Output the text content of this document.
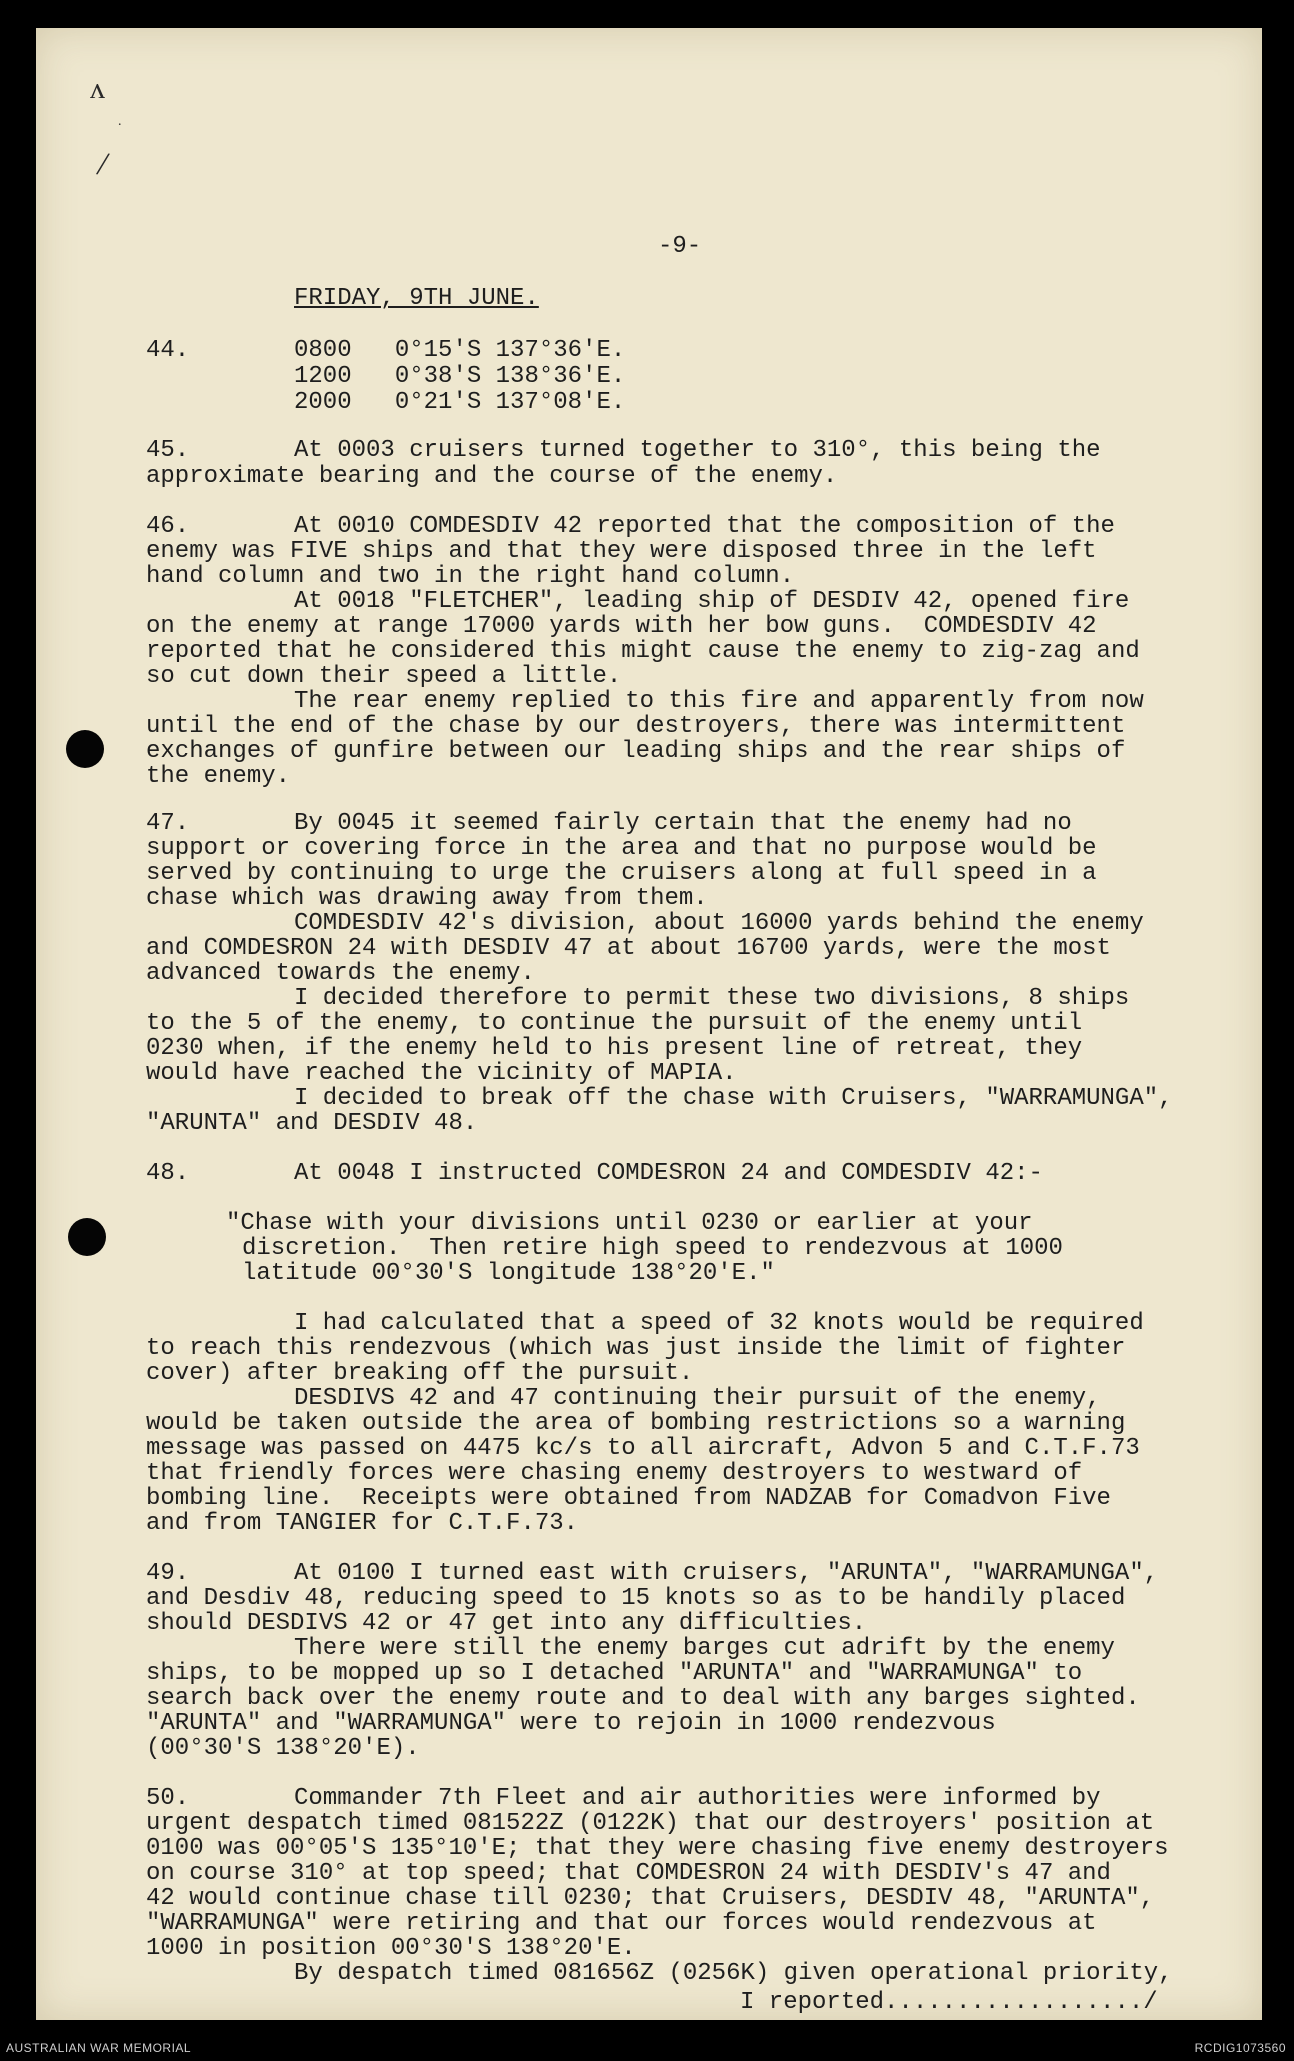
ʌ
/
.
-9-
FRIDAY, 9TH JUNE.
44.	0800 0°15'S 137°36'E.
1200 0°38'S 138°36'E.
2000 0°21'S 137°08'E.
45.	At 0003 cruisers turned together to 310°, this being the
approximate bearing and the course of the enemy.
46.	At 0010 COMDESDIV 42 reported that the composition of the
enemy was FIVE ships and that they were disposed three in the left
hand column and two in the right hand column.
At 0018 "FLETCHER", leading ship of DESDIV 42, opened fire
on the enemy at range 17000 yards with her bow guns.  COMDESDIV 42
reported that he considered this might cause the enemy to zig-zag and
so cut down their speed a little.
The rear enemy replied to this fire and apparently from now
until the end of the chase by our destroyers, there was intermittent
exchanges of gunfire between our leading ships and the rear ships of
the enemy.
47.	By 0045 it seemed fairly certain that the enemy had no
support or covering force in the area and that no purpose would be
served by continuing to urge the cruisers along at full speed in a
chase which was drawing away from them.
COMDESDIV 42's division, about 16000 yards behind the enemy
and COMDESRON 24 with DESDIV 47 at about 16700 yards, were the most
advanced towards the enemy.
I decided therefore to permit these two divisions, 8 ships
to the 5 of the enemy, to continue the pursuit of the enemy until
0230 when, if the enemy held to his present line of retreat, they
would have reached the vicinity of MAPIA.
I decided to break off the chase with Cruisers, "WARRAMUNGA",
"ARUNTA" and DESDIV 48.
48.	At 0048 I instructed COMDESRON 24 and COMDESDIV 42:-
"Chase with your divisions until 0230 or earlier at your
discretion.  Then retire high speed to rendezvous at 1000
latitude 00°30'S longitude 138°20'E."
I had calculated that a speed of 32 knots would be required
to reach this rendezvous (which was just inside the limit of fighter
cover) after breaking off the pursuit.
DESDIVS 42 and 47 continuing their pursuit of the enemy,
would be taken outside the area of bombing restrictions so a warning
message was passed on 4475 kc/s to all aircraft, Advon 5 and C.T.F.73
that friendly forces were chasing enemy destroyers to westward of
bombing line.  Receipts were obtained from NADZAB for Comadvon Five
and from TANGIER for C.T.F.73.
49.	At 0100 I turned east with cruisers, "ARUNTA", "WARRAMUNGA",
and Desdiv 48, reducing speed to 15 knots so as to be handily placed
should DESDIVS 42 or 47 get into any difficulties.
There were still the enemy barges cut adrift by the enemy
ships, to be mopped up so I detached "ARUNTA" and "WARRAMUNGA" to
search back over the enemy route and to deal with any barges sighted.
"ARUNTA" and "WARRAMUNGA" were to rejoin in 1000 rendezvous
(00°30'S 138°20'E).
50.	Commander 7th Fleet and air authorities were informed by
urgent despatch timed 081522Z (0122K) that our destroyers' position at
0100 was 00°05'S 135°10'E; that they were chasing five enemy destroyers
on course 310° at top speed; that COMDESRON 24 with DESDIV's 47 and
42 would continue chase till 0230; that Cruisers, DESDIV 48, "ARUNTA",
"WARRAMUNGA" were retiring and that our forces would rendezvous at
1000 in position 00°30'S 138°20'E.
By despatch timed 081656Z (0256K) given operational priority,
I reported................../
AUSTRALIAN WAR MEMORIAL	RCDIG1073560
